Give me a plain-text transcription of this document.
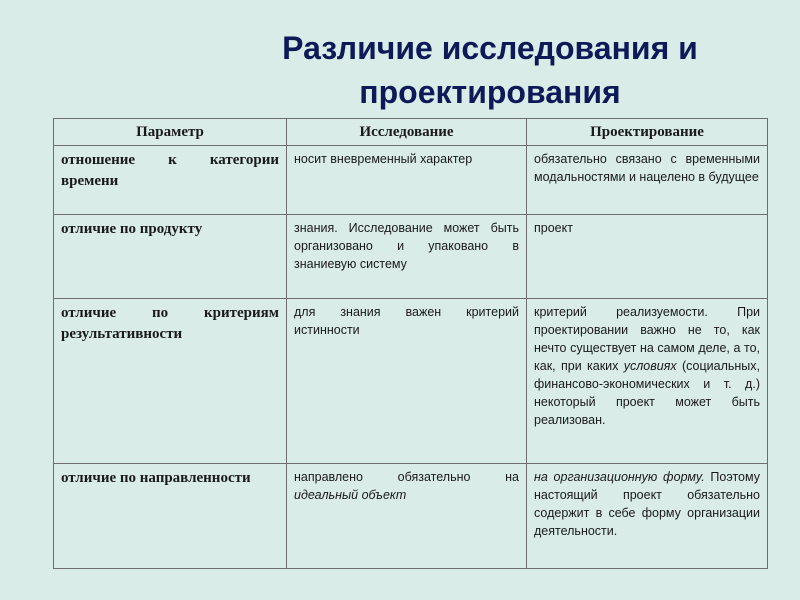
Различие исследования и проектирования
Параметр	Исследование	Проектирование
отношение к категории времени	носит вневременный характер	обязательно связано с временными модальностями и нацелено в будущее
отличие по продукту	знания. Исследование может быть организовано и упаковано в знаниевую систему	проект
отличие по критериям результативности	для знания важен критерий истинности	критерий реализуемости. При проектировании важно не то, как нечто существует на самом деле, а то, как, при каких условиях (социальных, финансово-экономических и т. д.) некоторый проект может быть реализован.
отличие по направленности	направлено обязательно на идеальный объект	на организационную форму. Поэтому настоящий проект обязательно содержит в себе форму организации деятельности.
